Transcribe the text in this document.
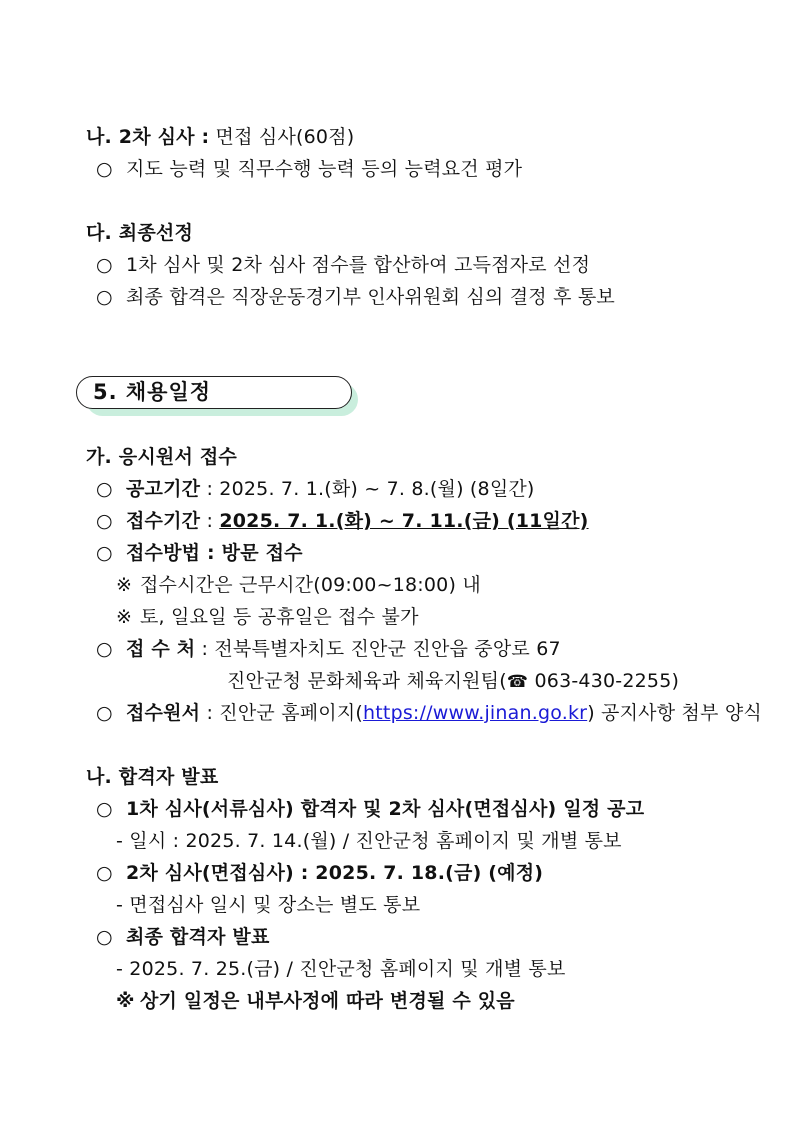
나. 2차 심사 : 면접 심사(60점)
○ 지도 능력 및 직무수행 능력 등의 능력요건 평가
다. 최종선정
○ 1차 심사 및 2차 심사 점수를 합산하여 고득점자로 선정
○ 최종 합격은 직장운동경기부 인사위원회 심의 결정 후 통보
5. 채용일정
가. 응시원서 접수
○ 공고기간 : 2025. 7. 1.(화) ~ 7. 8.(월) (8일간)
○ 접수기간 : 2025. 7. 1.(화) ~ 7. 11.(금) (11일간)
○ 접수방법 : 방문 접수
※ 접수시간은 근무시간(09:00~18:00) 내
※ 토, 일요일 등 공휴일은 접수 불가
○ 접 수 처 : 전북특별자치도 진안군 진안읍 중앙로 67
진안군청 문화체육과 체육지원팀(☎ 063-430-2255)
○ 접수원서 : 진안군 홈페이지(https://www.jinan.go.kr) 공지사항 첨부 양식
나. 합격자 발표
○ 1차 심사(서류심사) 합격자 및 2차 심사(면접심사) 일정 공고
- 일시 : 2025. 7. 14.(월) / 진안군청 홈페이지 및 개별 통보
○ 2차 심사(면접심사) : 2025. 7. 18.(금) (예정)
- 면접심사 일시 및 장소는 별도 통보
○ 최종 합격자 발표
- 2025. 7. 25.(금) / 진안군청 홈페이지 및 개별 통보
※ 상기 일정은 내부사정에 따라 변경될 수 있음
